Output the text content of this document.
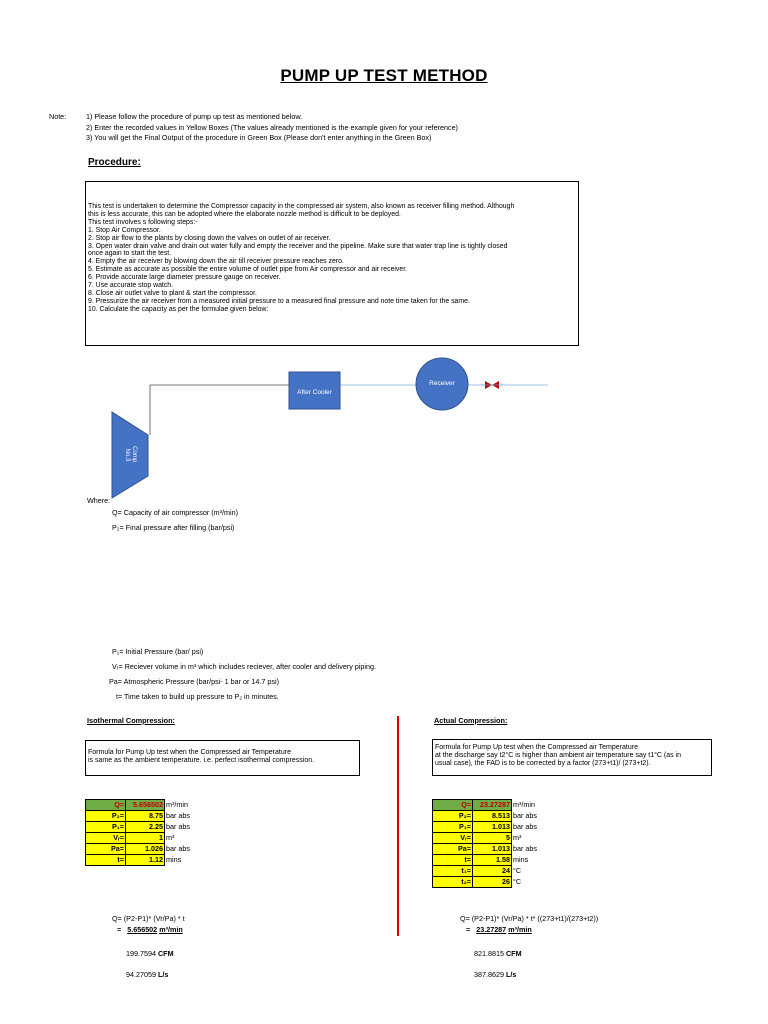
PUMP UP TEST METHOD
Note:	1) Please follow the procedure of pump up test as mentioned below.
2) Enter the recorded values in Yellow Boxes (The values already mentioned is the example given for your reference)
3) You will get the Final Output of the procedure in Green Box (Please don't enter anything in the Green Box)
Procedure:
This test is undertaken to determine the Compressor capacity in the compressed air system, also known as receiver filling method. Although
this is less accurate, this can be adopted where the elaborate nozzle method is difficult to be deployed.
This test involves s following steps:-
1. Stop Air Compressor.
2. Stop air flow to the plants by closing down the valves on outlet of air receiver.
3. Open water drain valve and drain out water fully and empty the receiver and the pipeline. Make sure that water trap line is tightly closed
once again to start the test.
4. Empty the air receiver by blowing down the air till receiver pressure reaches zero.
5. Estimate as accurate as possible the entire volume of outlet pipe from Air compressor and air receiver.
6. Provide accurate large diameter pressure gauge on receiver.
7. Use accurate stop watch.
8. Close air outlet valve to plant & start the compressor.
9. Pressurize the air receiver from a measured initial pressure to a measured final pressure and note time taken for the same.
10. Calculate the capacity as per the formulae given below:
After Cooler
Receiver
Comp No.3
Where:
Q= Capacity of air compressor (m³/min)
P₂= Final pressure after filling (bar/psi)
P₁= Initial Pressure (bar/ psi)
Vᵣ= Reciever volume in m³ which includes reciever, after cooler and delivery piping.
Pa= Atmospheric Pressure (bar/psi- 1 bar or 14.7 psi)
t= Time taken to build up pressure to P₂ in minutes.
Isothermal Compression:
Formula for Pump Up test when the Compressed air Temperature
is same as the ambient temperature. i.e. perfect isothermal compression.
Q=	5.656502	m³/min
P₂=	8.75	bar abs
P₁=	2.25	bar abs
Vᵣ=	1	m³
Pa=	1.026	bar abs
t=	1.12	mins
Q= (P2-P1)* (Vr/Pa) * t
= 5.656502 m³/min
199.7594 CFM
94.27059 L/s
Actual Compression:
Formula for Pump Up test when the Compressed air Temperature
at the discharge say t2°C is higher than ambient air temperature say t1°C (as in
usual case), the FAD is to be corrected by a factor (273+t1)/ (273+t2).
Q=	23.27287	m³/min
P₂=	8.513	bar abs
P₁=	1.013	bar abs
Vᵣ=	5	m³
Pa=	1.013	bar abs
t=	1.58	mins
t₁=	24	°C
t₂=	26	°C
Q= (P2-P1)* (Vr/Pa) * t* ((273+t1)/(273+t2))
= 23.27287 m³/min
821.8815 CFM
387.8629 L/s
